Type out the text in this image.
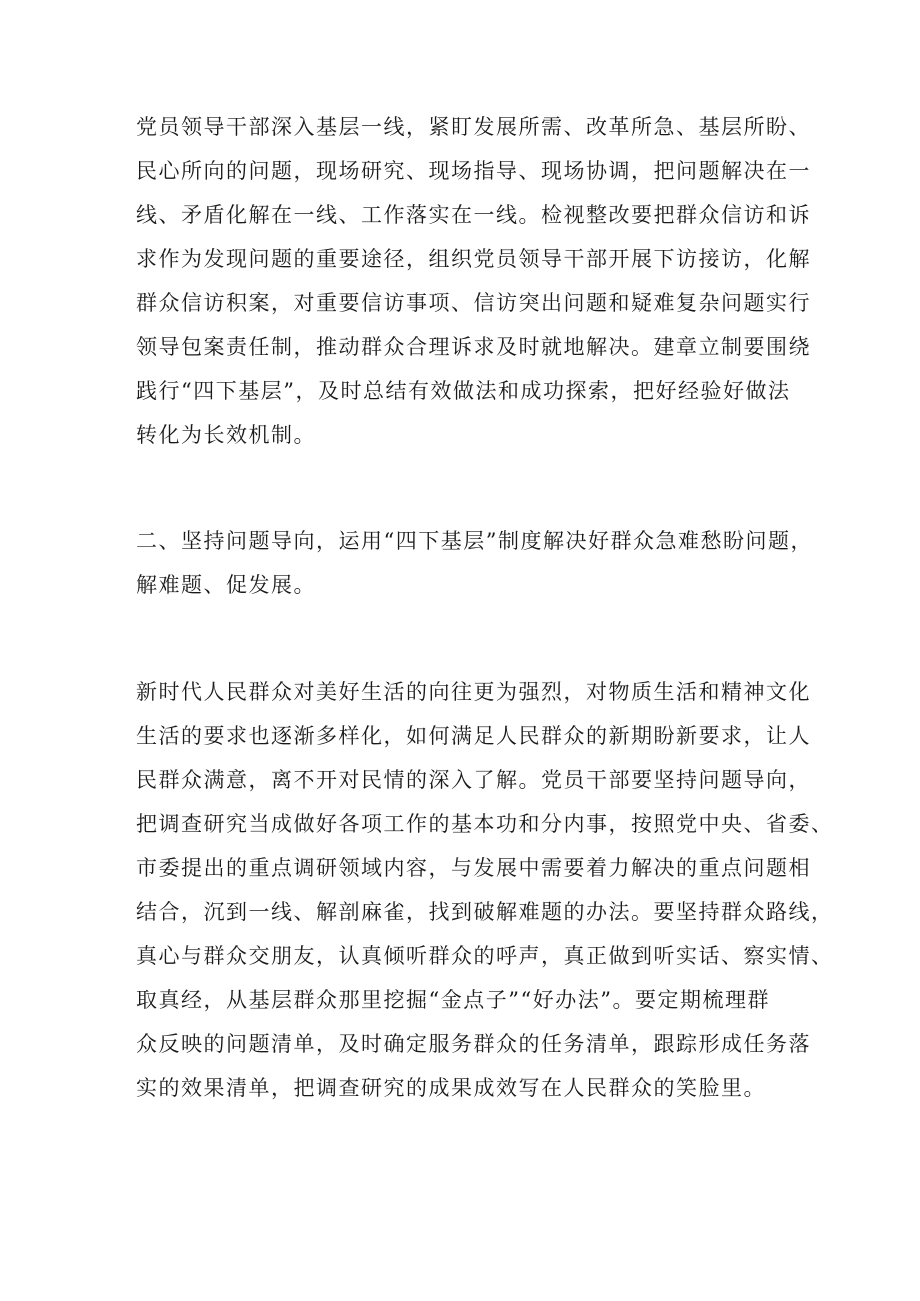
党员领导干部深入基层一线，紧盯发展所需、改革所急、基层所盼、
民心所向的问题，现场研究、现场指导、现场协调，把问题解决在一
线、矛盾化解在一线、工作落实在一线。检视整改要把群众信访和诉
求作为发现问题的重要途径，组织党员领导干部开展下访接访，化解
群众信访积案，对重要信访事项、信访突出问题和疑难复杂问题实行
领导包案责任制，推动群众合理诉求及时就地解决。建章立制要围绕
践行“四下基层”，及时总结有效做法和成功探索，把好经验好做法
转化为长效机制。
二、坚持问题导向，运用“四下基层”制度解决好群众急难愁盼问题，
解难题、促发展。
新时代人民群众对美好生活的向往更为强烈，对物质生活和精神文化
生活的要求也逐渐多样化，如何满足人民群众的新期盼新要求，让人
民群众满意，离不开对民情的深入了解。党员干部要坚持问题导向，
把调查研究当成做好各项工作的基本功和分内事，按照党中央、省委、
市委提出的重点调研领域内容，与发展中需要着力解决的重点问题相
结合，沉到一线、解剖麻雀，找到破解难题的办法。要坚持群众路线，
真心与群众交朋友，认真倾听群众的呼声，真正做到听实话、察实情、
取真经，从基层群众那里挖掘“金点子”“好办法”。要定期梳理群
众反映的问题清单，及时确定服务群众的任务清单，跟踪形成任务落
实的效果清单，把调查研究的成果成效写在人民群众的笑脸里。
